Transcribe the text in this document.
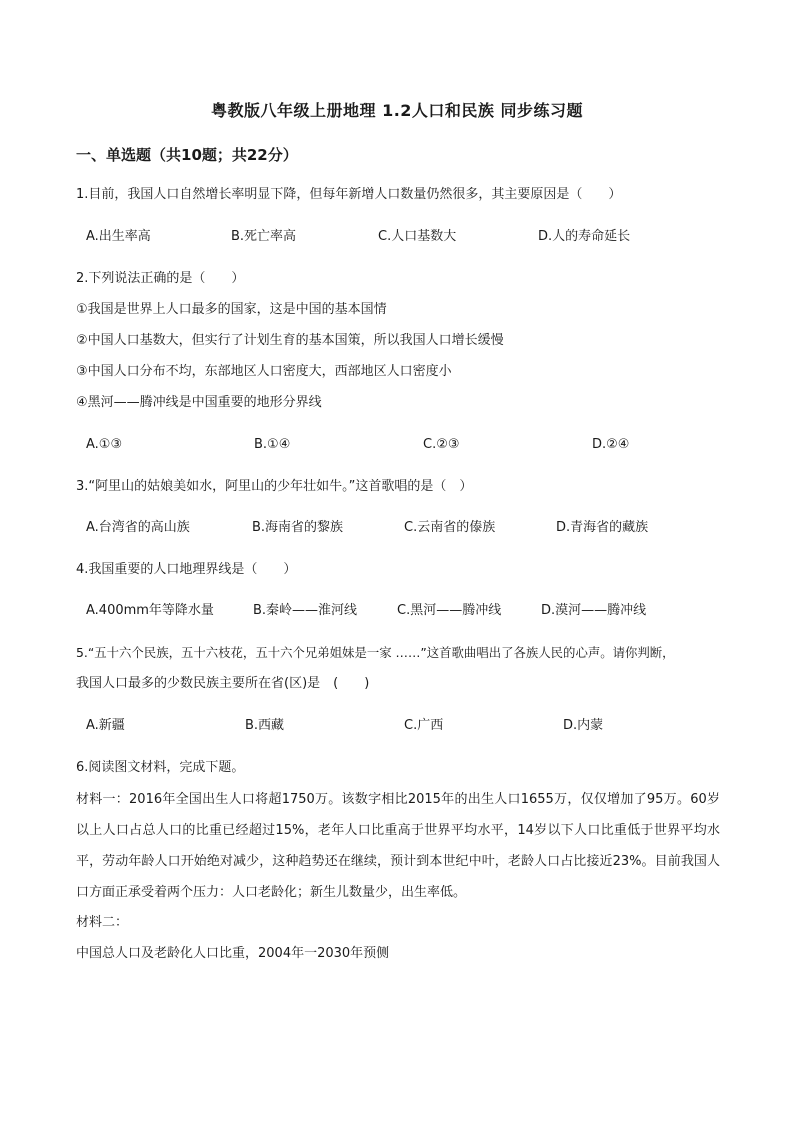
粤教版八年级上册地理 1.2人口和民族 同步练习题
一、单选题（共10题；共22分）
1.目前，我国人口自然增长率明显下降，但每年新增人口数量仍然很多，其主要原因是（　　）
A.出生率高	B.死亡率高	C.人口基数大	D.人的寿命延长
2.下列说法正确的是（　　）
①我国是世界上人口最多的国家，这是中国的基本国情
②中国人口基数大，但实行了计划生育的基本国策，所以我国人口增长缓慢
③中国人口分布不均，东部地区人口密度大，西部地区人口密度小
④黑河——腾冲线是中国重要的地形分界线
A.①③	B.①④	C.②③	D.②④
3.“阿里山的姑娘美如水，阿里山的少年壮如牛。”这首歌唱的是（　）
A.台湾省的高山族	B.海南省的黎族	C.云南省的傣族	D.青海省的藏族
4.我国重要的人口地理界线是（　　）
A.400mm年等降水量	B.秦岭——淮河线	C.黑河——腾冲线	D.漠河——腾冲线
5.“五十六个民族，五十六枝花，五十六个兄弟姐妹是一家 ……”这首歌曲唱出了各族人民的心声。请你判断，
我国人口最多的少数民族主要所在省(区)是　(　　)
A.新疆	B.西藏	C.广西	D.内蒙
6.阅读图文材料，完成下题。
材料一：2016年全国出生人口将超1750万。该数字相比2015年的出生人口1655万，仅仅增加了95万。60岁以上人口占总人口的比重已经超过15%，老年人口比重高于世界平均水平，14岁以下人口比重低于世界平均水平，劳动年龄人口开始绝对减少，这种趋势还在继续，预计到本世纪中叶，老龄人口占比接近23%。目前我国人口方面正承受着两个压力：人口老龄化；新生儿数量少，出生率低。
材料二：
中国总人口及老龄化人口比重，2004年一2030年预侧
